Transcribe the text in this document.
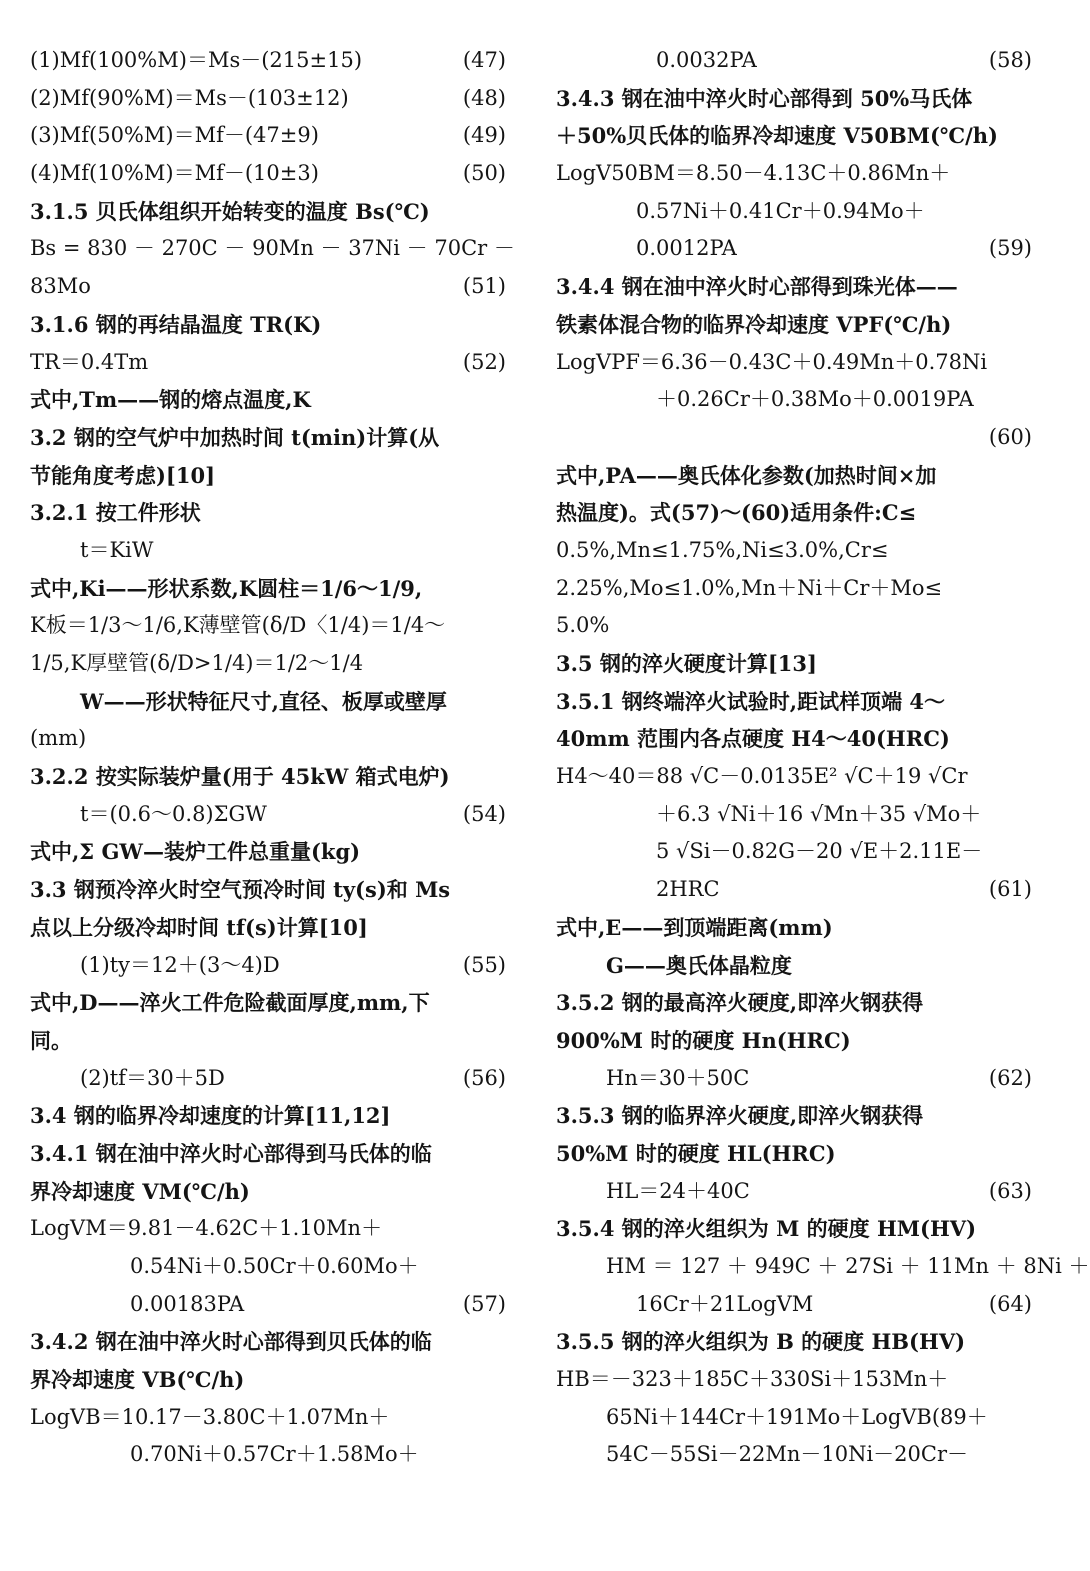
(1)Mf(100%M)＝Ms－(215±15)	(47)
(2)Mf(90%M)＝Ms－(103±12)	(48)
(3)Mf(50%M)＝Mf－(47±9)	(49)
(4)Mf(10%M)＝Mf－(10±3)	(50)
3.1.5 贝氏体组织开始转变的温度 Bs(℃)
Bs = 830 － 270C － 90Mn － 37Ni － 70Cr －
83Mo	(51)
3.1.6 钢的再结晶温度 TR(K)
TR＝0.4Tm	(52)
式中,Tm——钢的熔点温度,K
3.2 钢的空气炉中加热时间 t(min)计算(从
节能角度考虑)[10]
3.2.1 按工件形状
t＝KiW
式中,Ki——形状系数,K圆柱＝1/6～1/9,
K板＝1/3～1/6,K薄壁管(δ/D〈1/4)＝1/4～
1/5,K厚壁管(δ/D>1/4)＝1/2～1/4
W——形状特征尺寸,直径、板厚或壁厚
(mm)
3.2.2 按实际装炉量(用于 45kW 箱式电炉)
t＝(0.6～0.8)ΣGW	(54)
式中,Σ GW—装炉工件总重量(kg)
3.3 钢预冷淬火时空气预冷时间 ty(s)和 Ms
点以上分级冷却时间 tf(s)计算[10]
(1)ty＝12＋(3～4)D	(55)
式中,D——淬火工件危险截面厚度,mm,下
同。
(2)tf＝30＋5D	(56)
3.4 钢的临界冷却速度的计算[11,12]
3.4.1 钢在油中淬火时心部得到马氏体的临
界冷却速度 VM(℃/h)
LogVM＝9.81－4.62C＋1.10Mn＋
0.54Ni＋0.50Cr＋0.60Mo＋
0.00183PA	(57)
3.4.2 钢在油中淬火时心部得到贝氏体的临
界冷却速度 VB(℃/h)
LogVB＝10.17－3.80C＋1.07Mn＋
0.70Ni＋0.57Cr＋1.58Mo＋
0.0032PA	(58)
3.4.3 钢在油中淬火时心部得到 50%马氏体
＋50%贝氏体的临界冷却速度 V50BM(℃/h)
LogV50BM＝8.50－4.13C＋0.86Mn＋
0.57Ni＋0.41Cr＋0.94Mo＋
0.0012PA	(59)
3.4.4 钢在油中淬火时心部得到珠光体——
铁素体混合物的临界冷却速度 VPF(℃/h)
LogVPF＝6.36－0.43C＋0.49Mn＋0.78Ni
＋0.26Cr＋0.38Mo＋0.0019PA
(60)
式中,PA——奥氏体化参数(加热时间×加
热温度)。式(57)～(60)适用条件:C≤
0.5%,Mn≤1.75%,Ni≤3.0%,Cr≤
2.25%,Mo≤1.0%,Mn＋Ni＋Cr＋Mo≤
5.0%
3.5 钢的淬火硬度计算[13]
3.5.1 钢终端淬火试验时,距试样顶端 4～
40mm 范围内各点硬度 H4～40(HRC)
H4～40＝88 √C－0.0135E² √C＋19 √Cr
＋6.3 √Ni＋16 √Mn＋35 √Mo＋
5 √Si－0.82G－20 √E＋2.11E－
2HRC	(61)
式中,E——到顶端距离(mm)
G——奥氏体晶粒度
3.5.2 钢的最高淬火硬度,即淬火钢获得
900%M 时的硬度 Hn(HRC)
Hn＝30＋50C	(62)
3.5.3 钢的临界淬火硬度,即淬火钢获得
50%M 时的硬度 HL(HRC)
HL＝24＋40C	(63)
3.5.4 钢的淬火组织为 M 的硬度 HM(HV)
HM ＝ 127 ＋ 949C ＋ 27Si ＋ 11Mn ＋ 8Ni ＋
16Cr＋21LogVM	(64)
3.5.5 钢的淬火组织为 B 的硬度 HB(HV)
HB＝－323＋185C＋330Si＋153Mn＋
65Ni＋144Cr＋191Mo＋LogVB(89＋
54C－55Si－22Mn－10Ni－20Cr－
